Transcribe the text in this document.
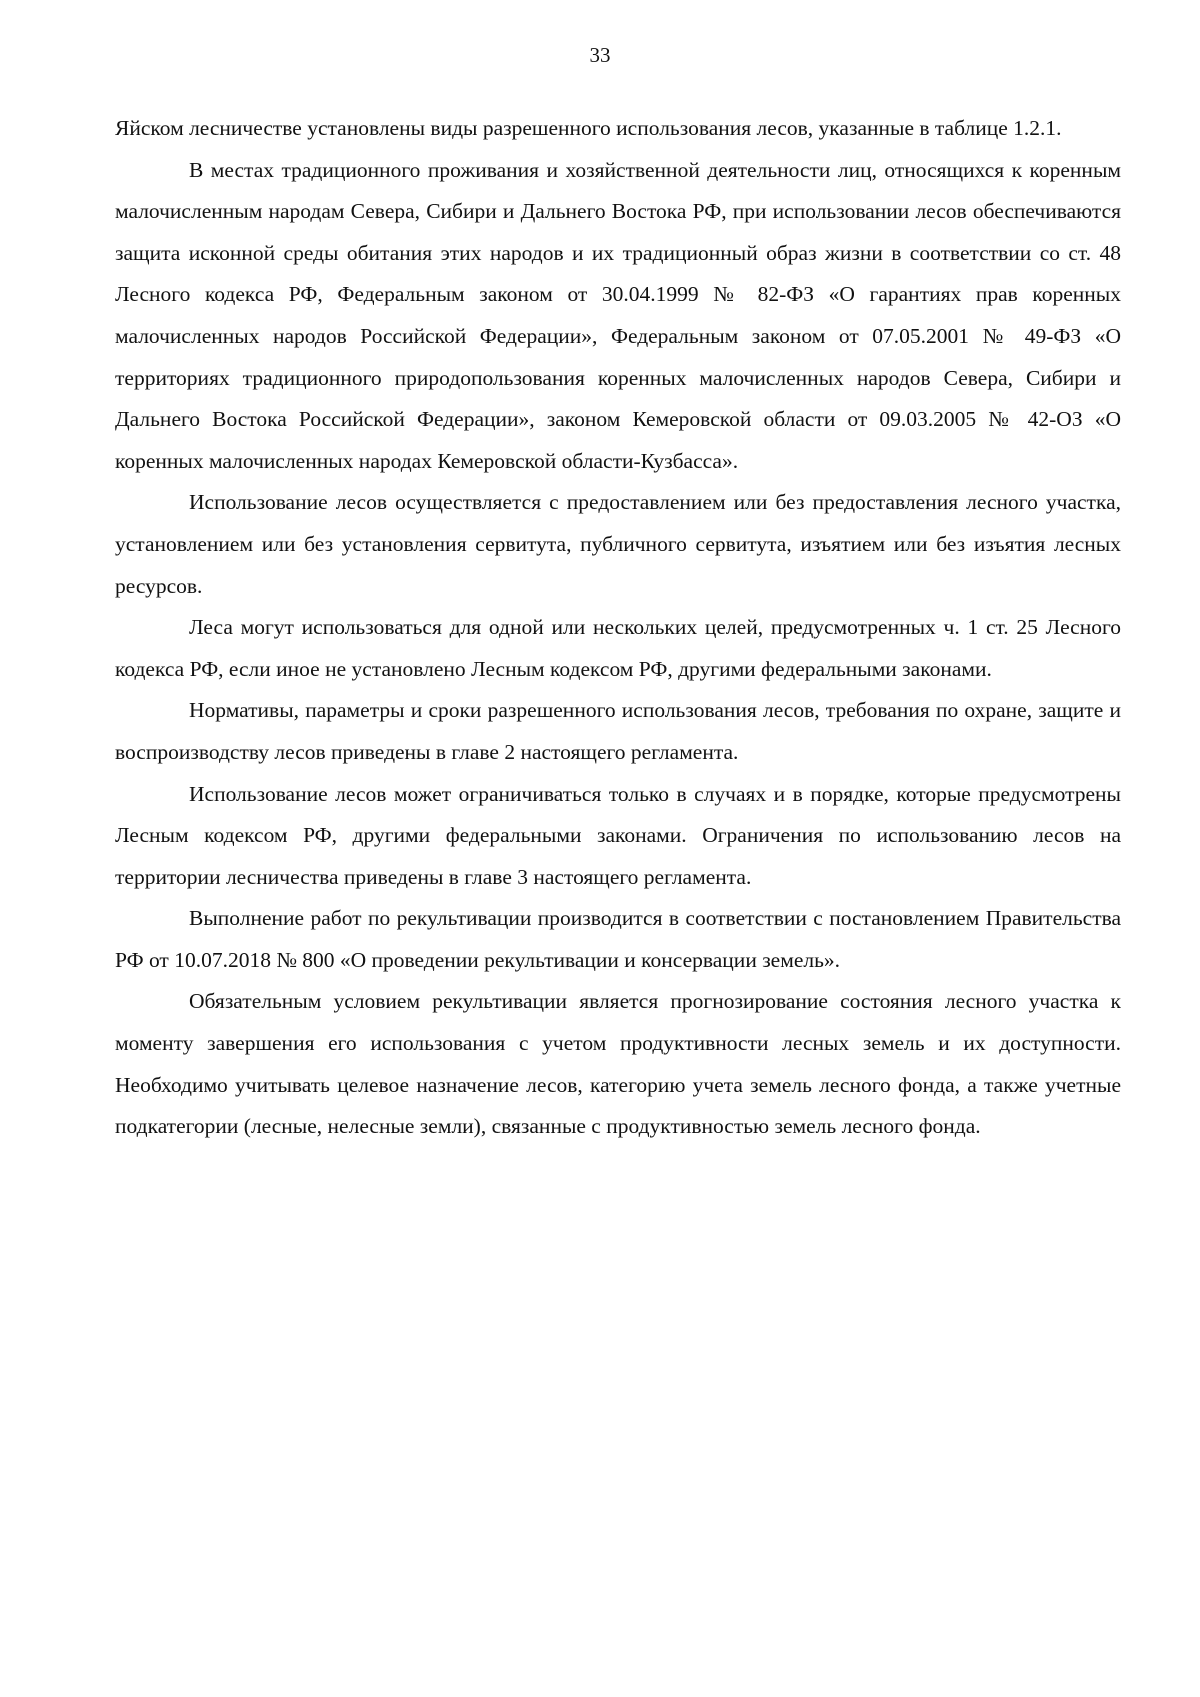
33

Яйском лесничестве установлены виды разрешенного использования лесов, указанные в таблице 1.2.1.

В местах традиционного проживания и хозяйственной деятельности лиц, относящихся к коренным малочисленным народам Севера, Сибири и Дальнего Востока РФ, при использовании лесов обеспечиваются защита исконной среды обитания этих народов и их традиционный образ жизни в соответствии со ст. 48 Лесного кодекса РФ, Федеральным законом от 30.04.1999 № 82-ФЗ «О гарантиях прав коренных малочисленных народов Российской Федерации», Федеральным законом от 07.05.2001 № 49-ФЗ «О территориях традиционного природопользования коренных малочисленных народов Севера, Сибири и Дальнего Востока Российской Федерации», законом Кемеровской области от 09.03.2005 № 42-ОЗ «О коренных малочисленных народах Кемеровской области-Кузбасса».

Использование лесов осуществляется с предоставлением или без предоставления лесного участка, установлением или без установления сервитута, публичного сервитута, изъятием или без изъятия лесных ресурсов.

Леса могут использоваться для одной или нескольких целей, предусмотренных ч. 1 ст. 25 Лесного кодекса РФ, если иное не установлено Лесным кодексом РФ, другими федеральными законами.

Нормативы, параметры и сроки разрешенного использования лесов, требования по охране, защите и воспроизводству лесов приведены в главе 2 настоящего регламента.

Использование лесов может ограничиваться только в случаях и в порядке, которые предусмотрены Лесным кодексом РФ, другими федеральными законами. Ограничения по использованию лесов на территории лесничества приведены в главе 3 настоящего регламента.

Выполнение работ по рекультивации производится в соответствии с постановлением Правительства РФ от 10.07.2018 № 800 «О проведении рекультивации и консервации земель».

Обязательным условием рекультивации является прогнозирование состояния лесного участка к моменту завершения его использования с учетом продуктивности лесных земель и их доступности. Необходимо учитывать целевое назначение лесов, категорию учета земель лесного фонда, а также учетные подкатегории (лесные, нелесные земли), связанные с продуктивностью земель лесного фонда.
